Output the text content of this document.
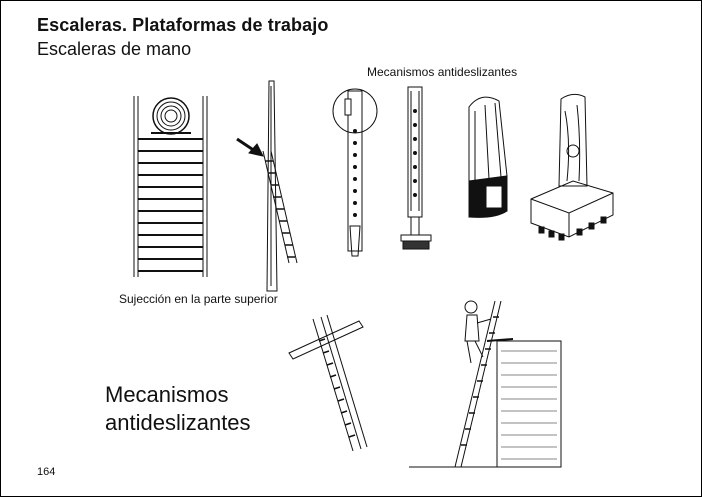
Escaleras. Plataformas de trabajo
Escaleras de mano
Mecanismos antideslizantes
Sujección en la parte superior
Mecanismos
antideslizantes
164
